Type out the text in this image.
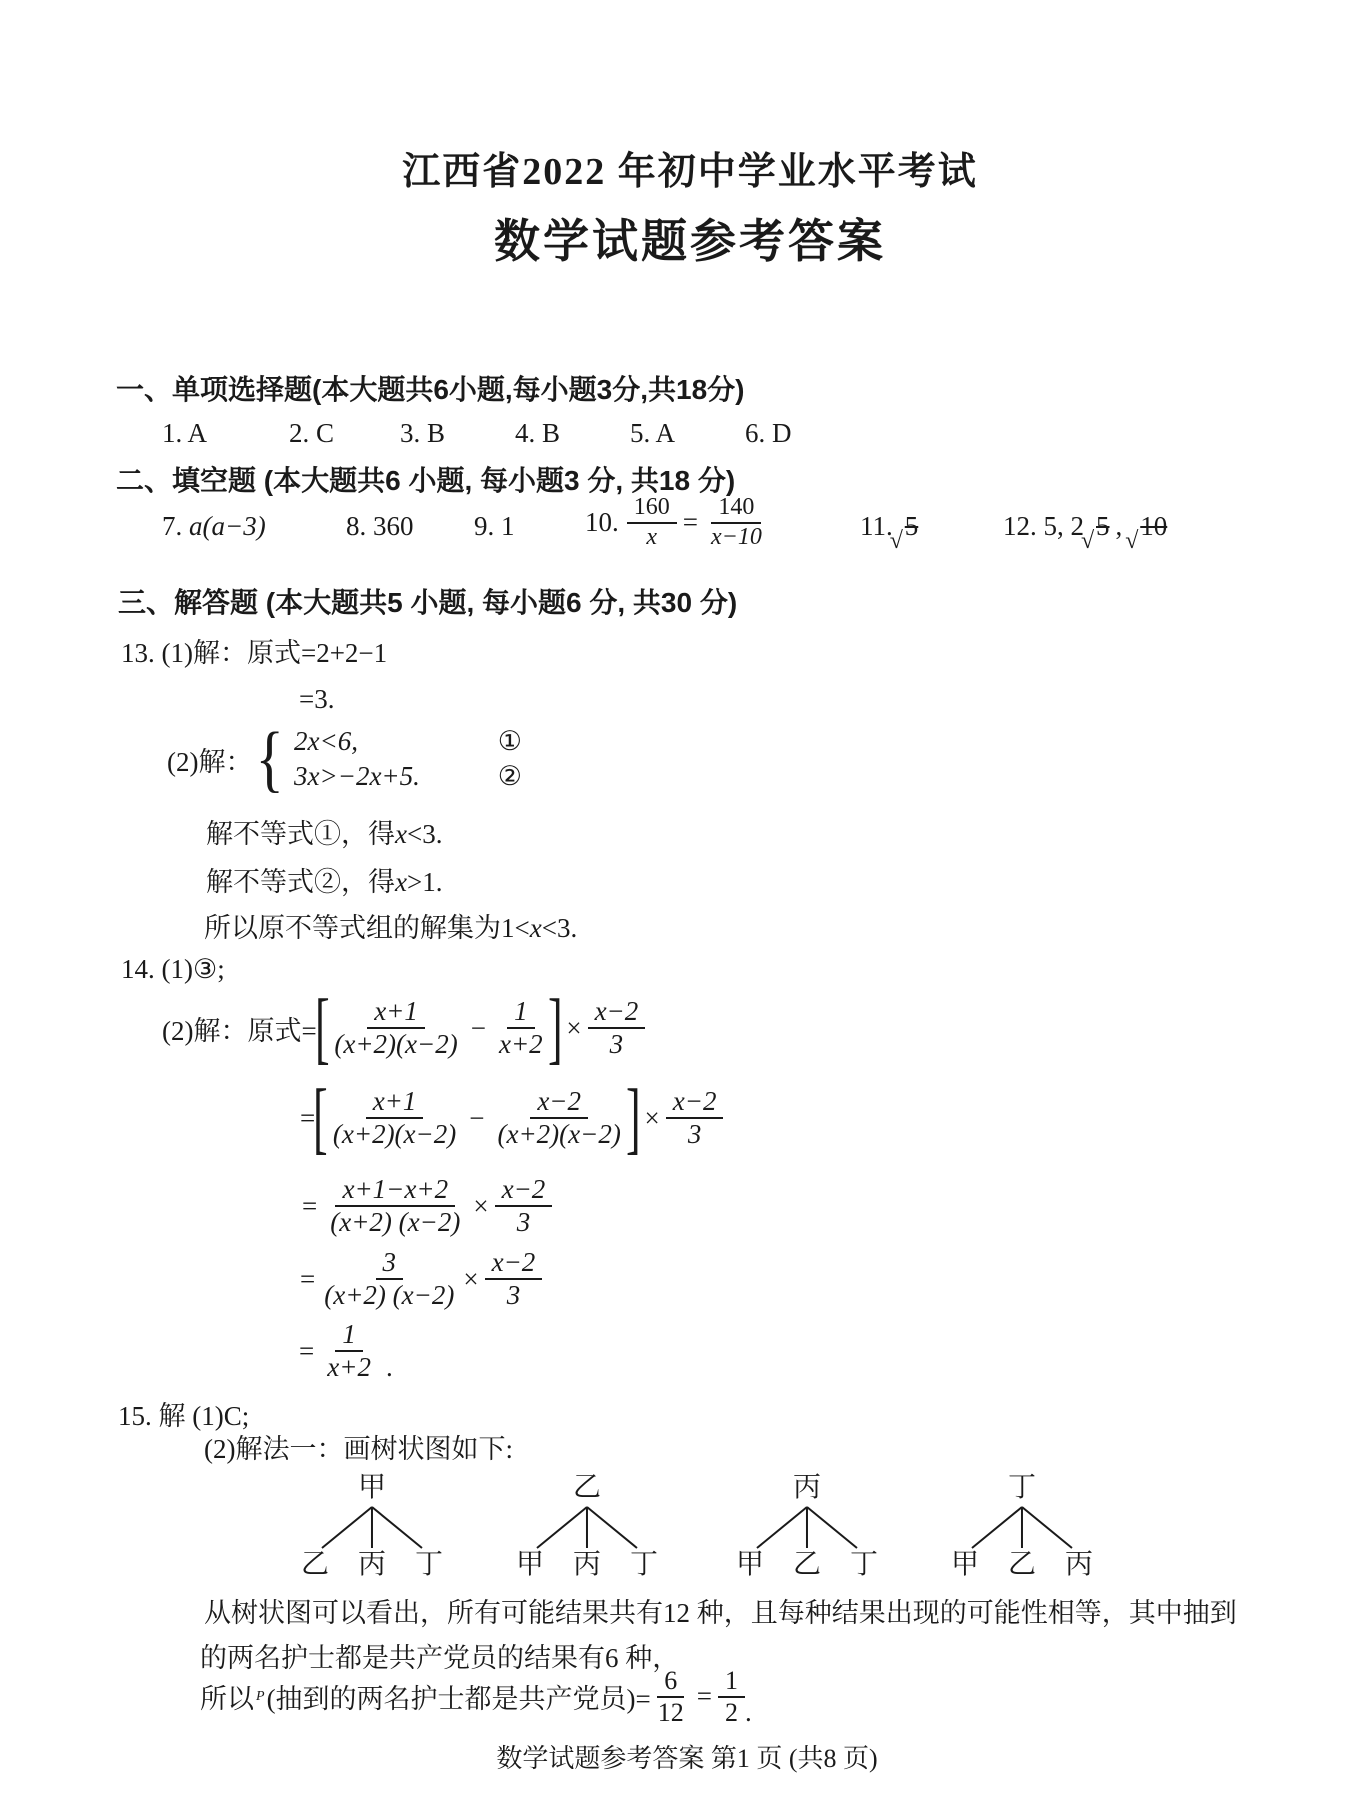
江西省2022 年初中学业水平考试
数学试题参考答案
一、单项选择题(本大题共6小题,每小题3分,共18分)
1. A	2. C 3. B	4. B	5. A	6. D
二、填空题 (本大题共6 小题, 每小题3 分, 共18 分)
7.
a(a−3)	8. 360 9. 1	10. $\frac{160}{x} = \frac{140}{x-10}$	11.
√ 5	12. 5, 2
√ 5 , √ 10
三、解答题 (本大题共5 小题, 每小题6 分, 共30 分)
13. (1)解：原式=2+2−1
=3.
(2)解： { 2x<6,	①
3x>−2x+5.	②
解不等式①，得x<3.
解不等式②，得x>1.
所以原不等式组的解集为1<x<3.
14. (1)③;
(2)解：原式=
[
$\frac{x+1}{(x+2)(x-2)} - \frac{1}{x+2}$
] × $\frac{x-2}{3}$
=
[
$\frac{x+1}{(x+2)(x-2)} - \frac{x-2}{(x+2)(x-2)}$
] × $\frac{x-2}{3}$
= $\frac{x+1-x+2}{(x+2) (x-2)} \times \frac{x-2}{3}$
= $\frac{3}{(x+2) (x-2)} \times \frac{x-2}{3}$
= $\frac{1}{x+2}$ .
15. 解 (1)C;
(2)解法一：画树状图如下:
甲
乙 丙 丁
乙
甲 丙 丁
丙
甲 乙 丁
丁
甲 乙 丙
从树状图可以看出，所有可能结果共有12 种，且每种结果出现的可能性相等，其中抽到
的两名护士都是共产党员的结果有6 种，
所以 P (抽到的两名护士都是共产党员)= $\frac{6}{12} = \frac{1}{2}$ .
数学试题参考答案 第1 页 (共8 页)
